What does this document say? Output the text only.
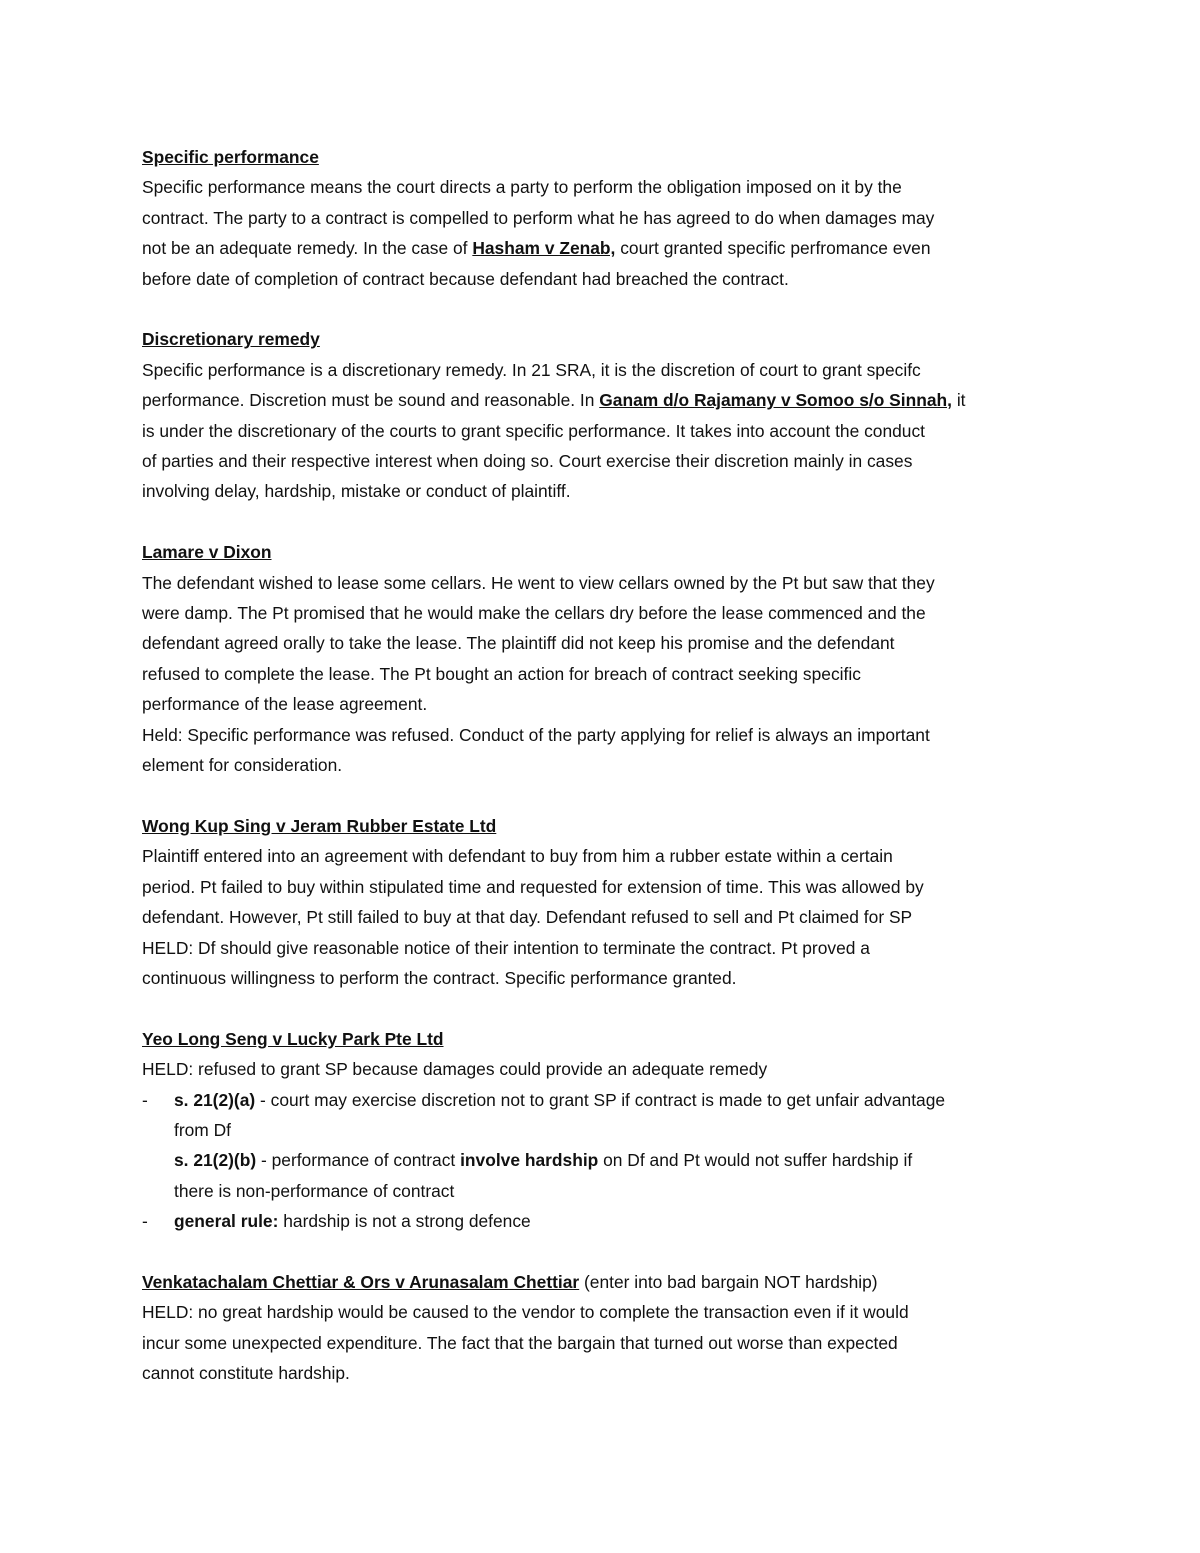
Specific performance
Specific performance means the court directs a party to perform the obligation imposed on it by the
contract. The party to a contract is compelled to perform what he has agreed to do when damages may
not be an adequate remedy. In the case of Hasham v Zenab, court granted specific perfromance even
before date of completion of contract because defendant had breached the contract.
Discretionary remedy
Specific performance is a discretionary remedy. In 21 SRA, it is the discretion of court to grant specifc
performance. Discretion must be sound and reasonable. In Ganam d/o Rajamany v Somoo s/o Sinnah, it
is under the discretionary of the courts to grant specific performance. It takes into account the conduct
of parties and their respective interest when doing so. Court exercise their discretion mainly in cases
involving delay, hardship, mistake or conduct of plaintiff.
Lamare v Dixon
The defendant wished to lease some cellars. He went to view cellars owned by the Pt but saw that they
were damp. The Pt promised that he would make the cellars dry before the lease commenced and the
defendant agreed orally to take the lease. The plaintiff did not keep his promise and the defendant
refused to complete the lease. The Pt bought an action for breach of contract seeking specific
performance of the lease agreement.
Held: Specific performance was refused. Conduct of the party applying for relief is always an important
element for consideration.
Wong Kup Sing v Jeram Rubber Estate Ltd
Plaintiff entered into an agreement with defendant to buy from him a rubber estate within a certain
period. Pt failed to buy within stipulated time and requested for extension of time. This was allowed by
defendant. However, Pt still failed to buy at that day. Defendant refused to sell and Pt claimed for SP
HELD: Df should give reasonable notice of their intention to terminate the contract. Pt proved a
continuous willingness to perform the contract. Specific performance granted.
Yeo Long Seng v Lucky Park Pte Ltd
HELD: refused to grant SP because damages could provide an adequate remedy
- s. 21(2)(a) - court may exercise discretion not to grant SP if contract is made to get unfair advantage
from Df
s. 21(2)(b) - performance of contract involve hardship on Df and Pt would not suffer hardship if
there is non-performance of contract
- general rule: hardship is not a strong defence
Venkatachalam Chettiar & Ors v Arunasalam Chettiar (enter into bad bargain NOT hardship)
HELD: no great hardship would be caused to the vendor to complete the transaction even if it would
incur some unexpected expenditure. The fact that the bargain that turned out worse than expected
cannot constitute hardship.
